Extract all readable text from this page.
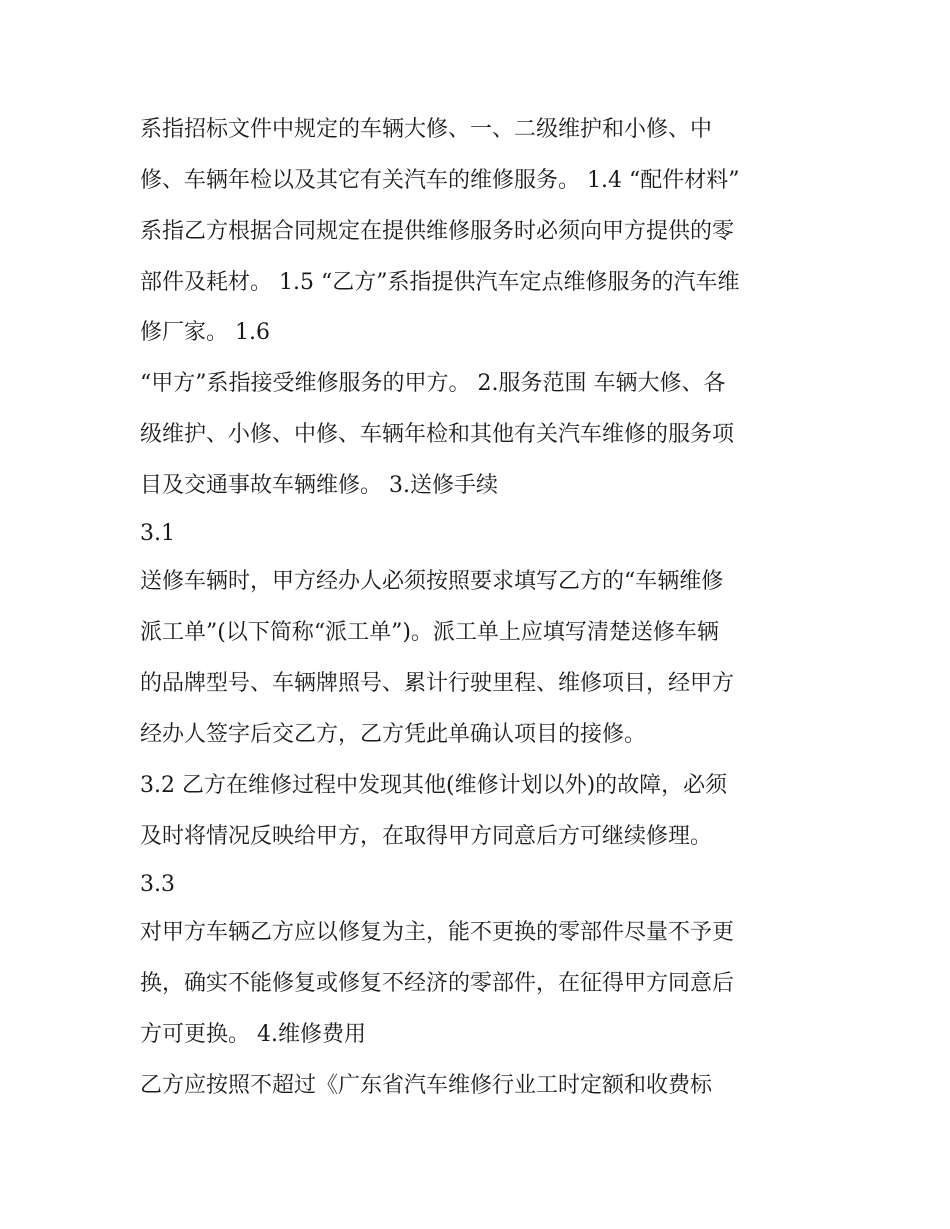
系指招标文件中规定的车辆大修、一、二级维护和小修、中
修、车辆年检以及其它有关汽车的维修服务。 1.4 “配件材料”
系指乙方根据合同规定在提供维修服务时必须向甲方提供的零
部件及耗材。 1.5 “乙方”系指提供汽车定点维修服务的汽车维
修厂家。 1.6
“甲方”系指接受维修服务的甲方。 2.服务范围 车辆大修、各
级维护、小修、中修、车辆年检和其他有关汽车维修的服务项
目及交通事故车辆维修。 3.送修手续
3.1
送修车辆时，甲方经办人必须按照要求填写乙方的“车辆维修
派工单”(以下简称“派工单”)。派工单上应填写清楚送修车辆
的品牌型号、车辆牌照号、累计行驶里程、维修项目，经甲方
经办人签字后交乙方，乙方凭此单确认项目的接修。
3.2 乙方在维修过程中发现其他(维修计划以外)的故障，必须
及时将情况反映给甲方，在取得甲方同意后方可继续修理。
3.3
对甲方车辆乙方应以修复为主，能不更换的零部件尽量不予更
换，确实不能修复或修复不经济的零部件，在征得甲方同意后
方可更换。 4.维修费用
乙方应按照不超过《广东省汽车维修行业工时定额和收费标
